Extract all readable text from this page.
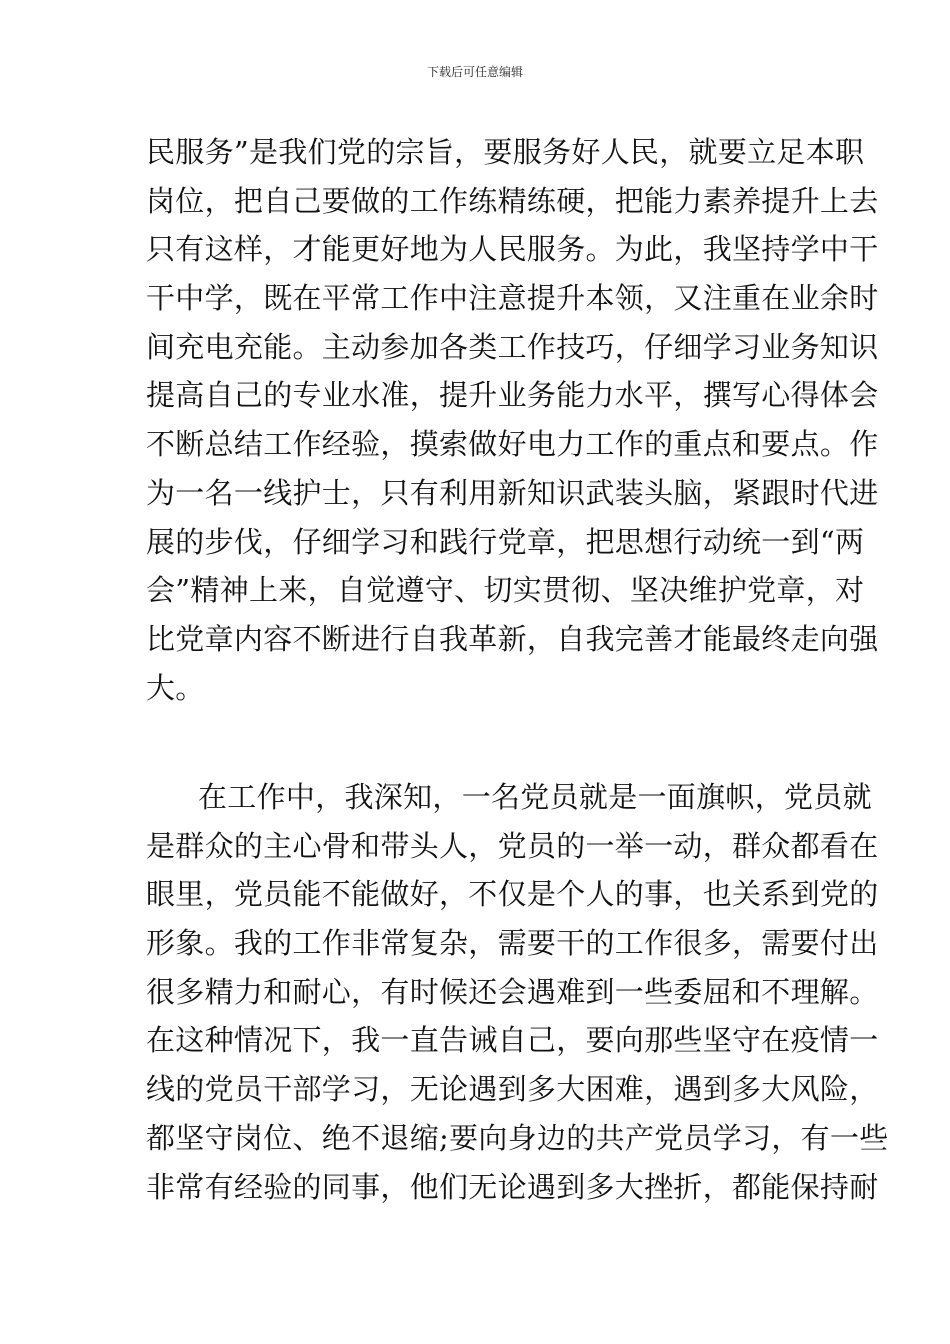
下载后可任意编辑
民服务”是我们党的宗旨，要服务好人民，就要立足本职
岗位，把自己要做的工作练精练硬，把能力素养提升上去
只有这样，才能更好地为人民服务。为此，我坚持学中干
干中学，既在平常工作中注意提升本领，又注重在业余时
间充电充能。主动参加各类工作技巧，仔细学习业务知识
提高自己的专业水准，提升业务能力水平，撰写心得体会
不断总结工作经验，摸索做好电力工作的重点和要点。作
为一名一线护士，只有利用新知识武装头脑，紧跟时代进
展的步伐，仔细学习和践行党章，把思想行动统一到“两
会”精神上来，自觉遵守、切实贯彻、坚决维护党章，对
比党章内容不断进行自我革新，自我完善才能最终走向强
大。
在工作中，我深知，一名党员就是一面旗帜，党员就
是群众的主心骨和带头人，党员的一举一动，群众都看在
眼里，党员能不能做好，不仅是个人的事，也关系到党的
形象。我的工作非常复杂，需要干的工作很多，需要付出
很多精力和耐心，有时候还会遇难到一些委屈和不理解。
在这种情况下，我一直告诫自己，要向那些坚守在疫情一
线的党员干部学习，无论遇到多大困难，遇到多大风险，
都坚守岗位、绝不退缩;要向身边的共产党员学习，有一些
非常有经验的同事，他们无论遇到多大挫折，都能保持耐
